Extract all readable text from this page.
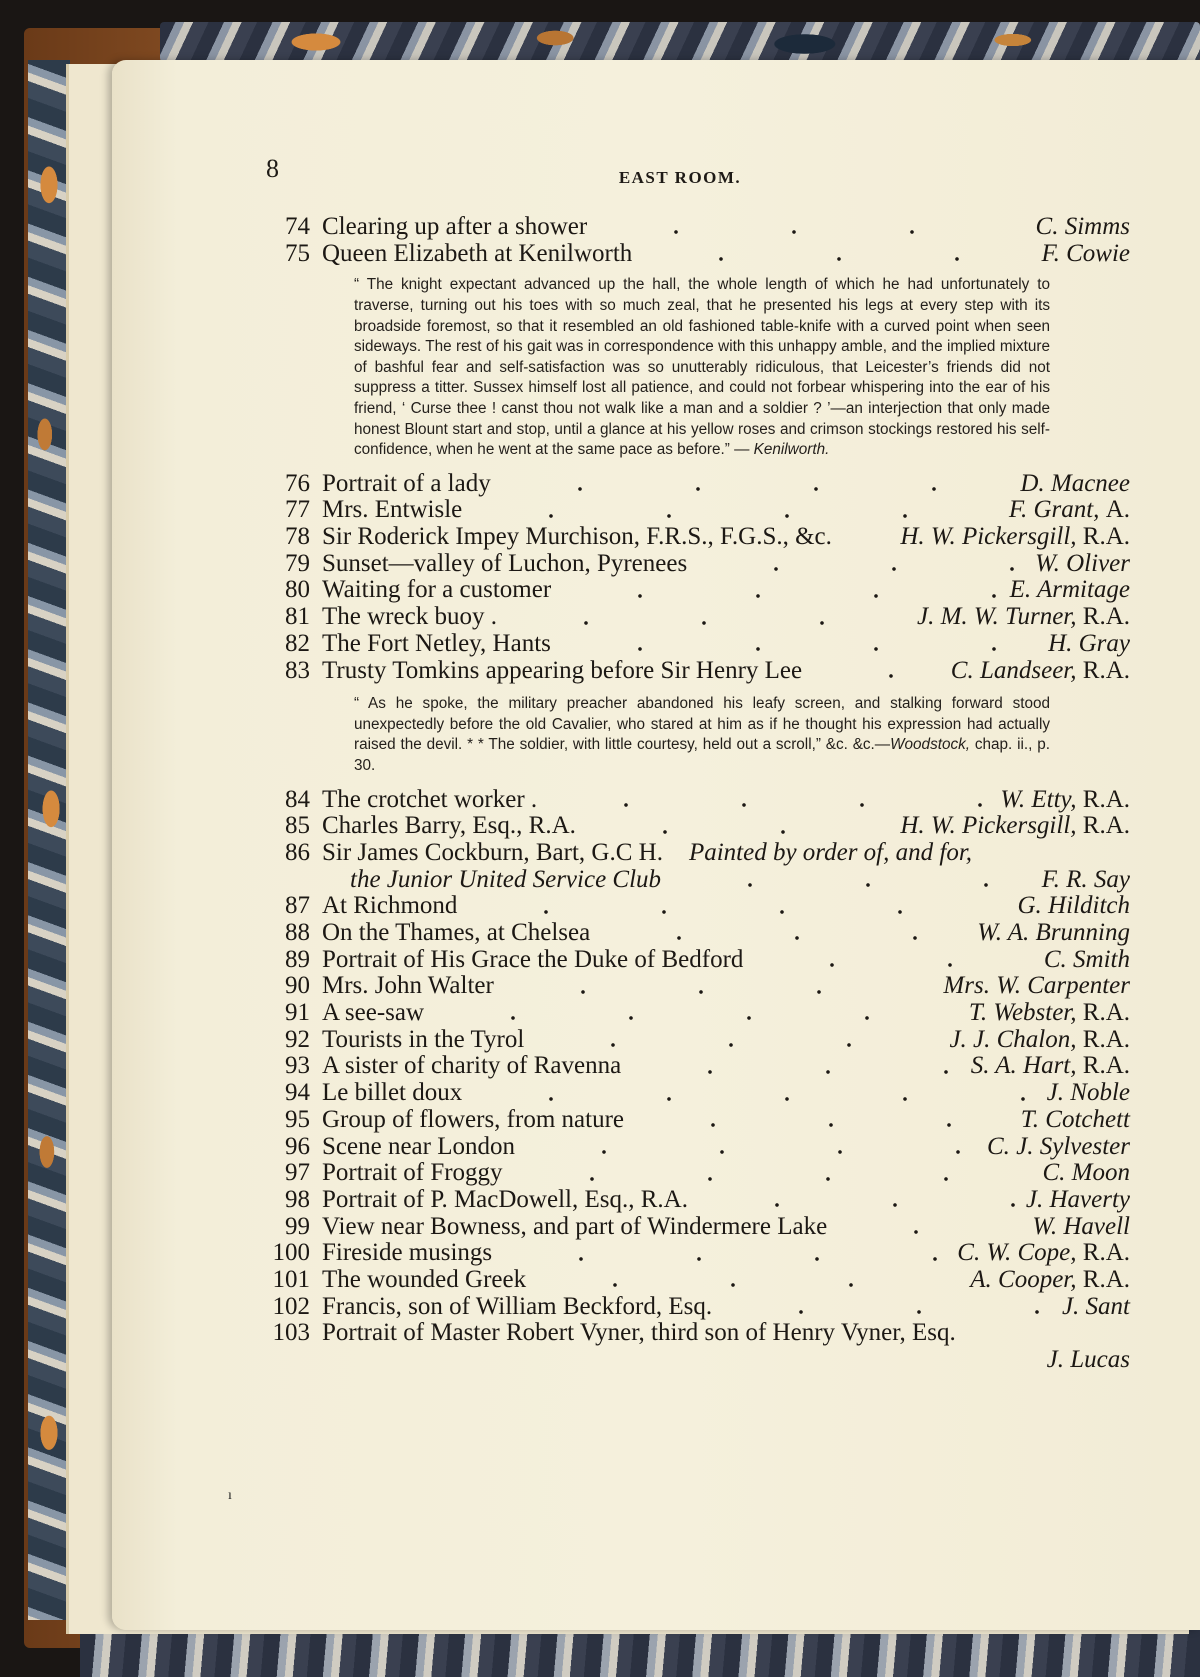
8	EAST ROOM.
74 Clearing up after a shower	C. Simms
75 Queen Elizabeth at Kenilworth	F. Cowie
“ The knight expectant advanced up the hall, the whole length of which he had unfortunately to traverse, turning out his toes with so much zeal, that he presented his legs at every step with its broadside foremost, so that it resembled an old fashioned table-knife with a curved point when seen sideways. The rest of his gait was in correspondence with this unhappy amble, and the implied mixture of bashful fear and self-satisfaction was so unutterably ridiculous, that Leicester’s friends did not suppress a titter. Sussex himself lost all patience, and could not forbear whispering into the ear of his friend, ‘ Curse thee ! canst thou not walk like a man and a soldier ? ’—an interjection that only made honest Blount start and stop, until a glance at his yellow roses and crimson stockings restored his self-confidence, when he went at the same pace as before.” — Kenilworth.
76 Portrait of a lady	D. Macnee
77 Mrs. Entwisle	F. Grant, A.
78 Sir Roderick Impey Murchison, F.R.S., F.G.S., &c.	H. W. Pickersgill, R.A.
79 Sunset—valley of Luchon, Pyrenees	W. Oliver
80 Waiting for a customer	E. Armitage
81 The wreck buoy .	J. M. W. Turner, R.A.
82 The Fort Netley, Hants	H. Gray
83 Trusty Tomkins appearing before Sir Henry Lee	C. Landseer, R.A.
“ As he spoke, the military preacher abandoned his leafy screen, and stalking forward stood unexpectedly before the old Cavalier, who stared at him as if he thought his expression had actually raised the devil. * * The soldier, with little courtesy, held out a scroll,” &c. &c.—Woodstock, chap. ii., p. 30.
84 The crotchet worker .	W. Etty, R.A.
85 Charles Barry, Esq., R.A.	H. W. Pickersgill, R.A.
86 Sir James Cockburn, Bart, G.C H. Painted by order of, and for,
the Junior United Service Club	F. R. Say
87 At Richmond	G. Hilditch
88 On the Thames, at Chelsea	W. A. Brunning
89 Portrait of His Grace the Duke of Bedford	C. Smith
90 Mrs. John Walter	Mrs. W. Carpenter
91 A see-saw	T. Webster, R.A.
92 Tourists in the Tyrol	J. J. Chalon, R.A.
93 A sister of charity of Ravenna	S. A. Hart, R.A.
94 Le billet doux	J. Noble
95 Group of flowers, from nature	T. Cotchett
96 Scene near London	C. J. Sylvester
97 Portrait of Froggy	C. Moon
98 Portrait of P. MacDowell, Esq., R.A.	J. Haverty
99 View near Bowness, and part of Windermere Lake	W. Havell
100 Fireside musings	C. W. Cope, R.A.
101 The wounded Greek	A. Cooper, R.A.
102 Francis, son of William Beckford, Esq.	J. Sant
103 Portrait of Master Robert Vyner, third son of Henry Vyner, Esq.
J. Lucas
ı
